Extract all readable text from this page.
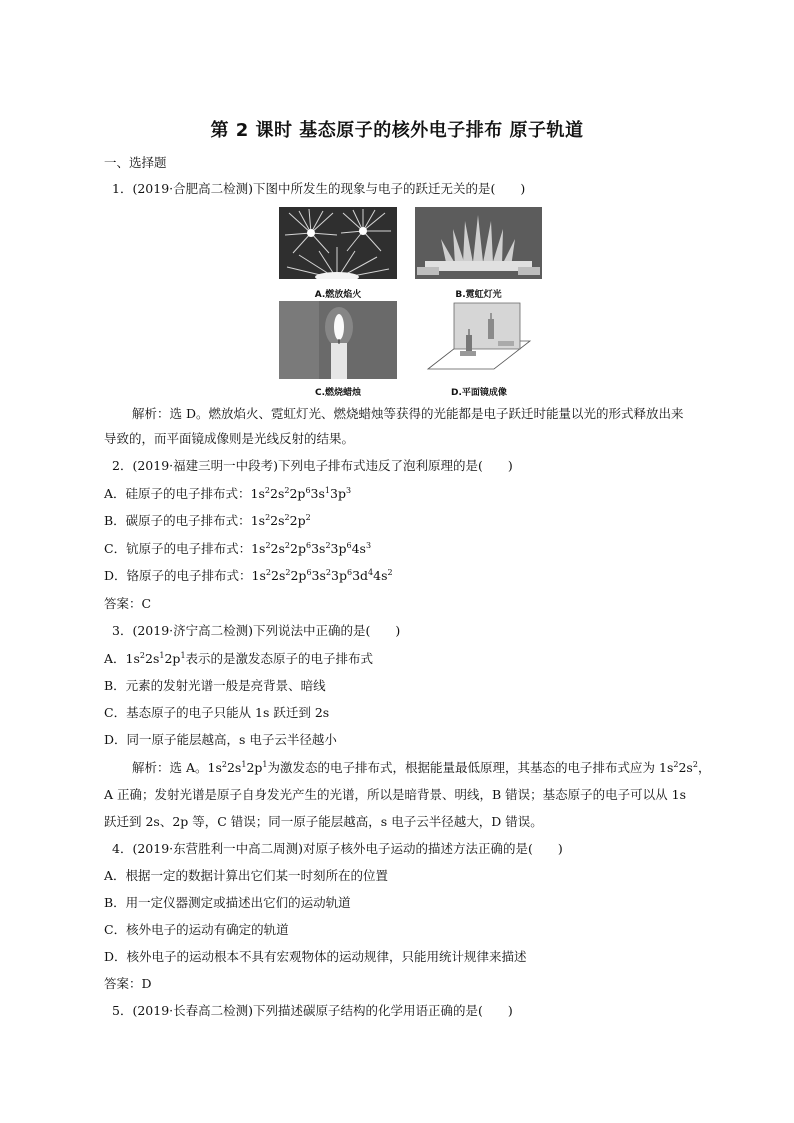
第 2 课时 基态原子的核外电子排布 原子轨道
一、选择题
1．(2019·合肥高二检测)下图中所发生的现象与电子的跃迁无关的是(　　)
A.燃放焰火	B.霓虹灯光
C.燃烧蜡烛	D.平面镜成像
解析：选 D。燃放焰火、霓虹灯光、燃烧蜡烛等获得的光能都是电子跃迁时能量以光的形式释放出来
导致的，而平面镜成像则是光线反射的结果。
2．(2019·福建三明一中段考)下列电子排布式违反了泡利原理的是(　　)
A．硅原子的电子排布式：$1s^22s^22p^63s^13p^3$
B．碳原子的电子排布式：$1s^22s^22p^2$
C．钪原子的电子排布式：$1s^22s^22p^63s^23p^64s^3$
D．铬原子的电子排布式：$1s^22s^22p^63s^23p^63d^44s^2$
答案：C
3．(2019·济宁高二检测)下列说法中正确的是(　　)
A．$1s^22s^12p^1$表示的是激发态原子的电子排布式
B．元素的发射光谱一般是亮背景、暗线
C．基态原子的电子只能从 1s 跃迁到 2s
D．同一原子能层越高，s 电子云半径越小
解析：选 A。$1s^22s^12p^1$为激发态的电子排布式，根据能量最低原理，其基态的电子排布式应为 $1s^22s^2$，
A 正确；发射光谱是原子自身发光产生的光谱，所以是暗背景、明线，B 错误；基态原子的电子可以从 1s
跃迁到 2s、2p 等，C 错误；同一原子能层越高，s 电子云半径越大，D 错误。
4．(2019·东营胜利一中高二周测)对原子核外电子运动的描述方法正确的是(　　)
A．根据一定的数据计算出它们某一时刻所在的位置
B．用一定仪器测定或描述出它们的运动轨道
C．核外电子的运动有确定的轨道
D．核外电子的运动根本不具有宏观物体的运动规律，只能用统计规律来描述
答案：D
5．(2019·长春高二检测)下列描述碳原子结构的化学用语正确的是(　　)
